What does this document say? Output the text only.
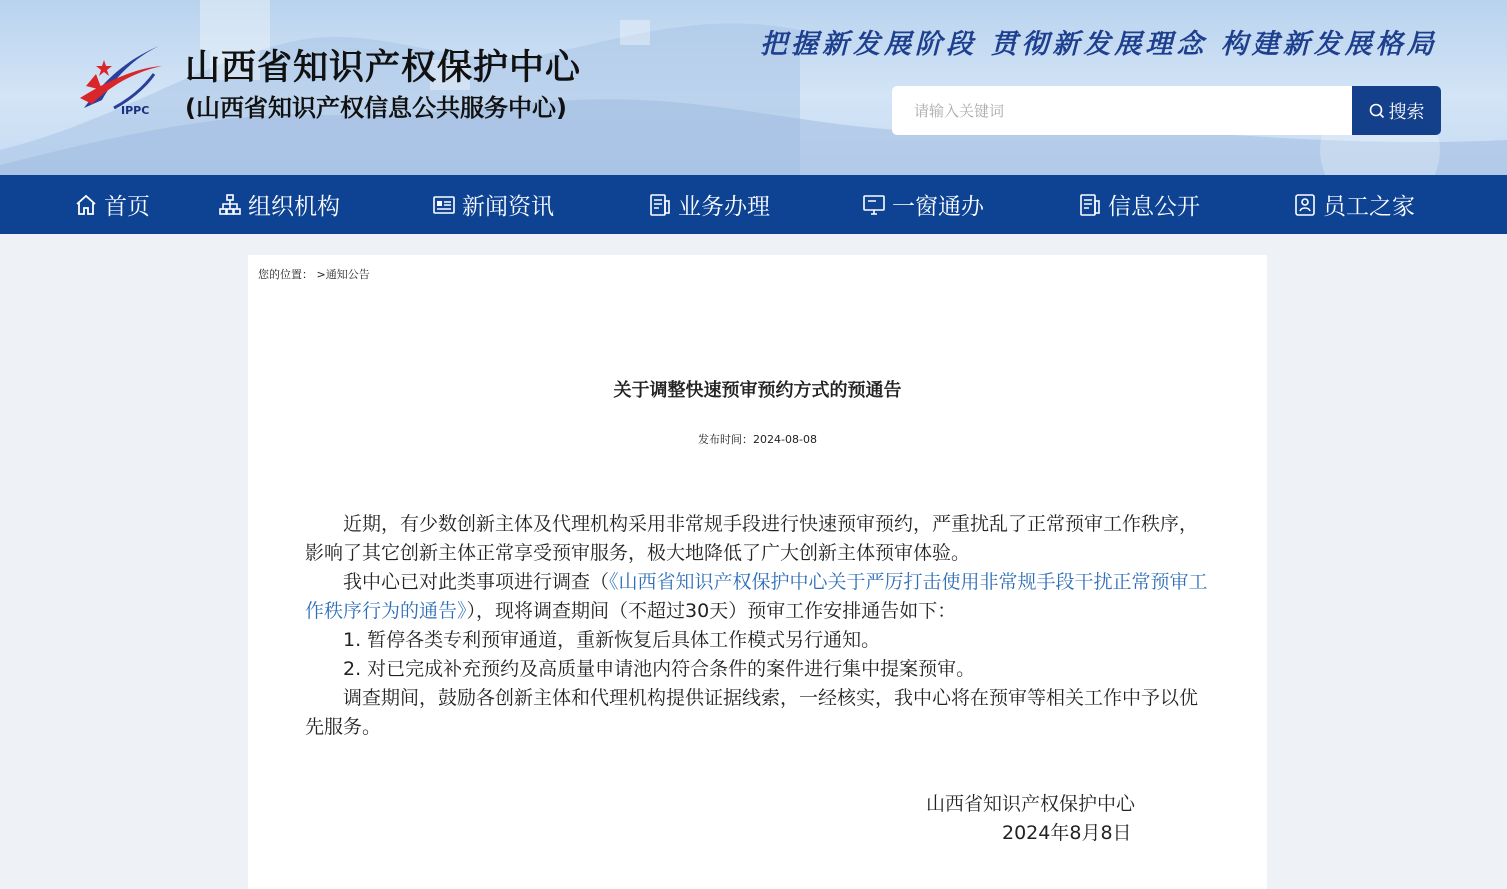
IPPC
山西省知识产权保护中心
(山西省知识产权信息公共服务中心)
把握新发展阶段 贯彻新发展理念 构建新发展格局
请输入关键词
搜索
首页	组织机构	新闻资讯	业务办理	一窗通办	信息公开	员工之家
您的位置： >通知公告
关于调整快速预审预约方式的预通告
发布时间：2024-08-08

近期，有少数创新主体及代理机构采用非常规手段进行快速预审预约，严重扰乱了正常预审工作秩序，影响了其它创新主体正常享受预审服务，极大地降低了广大创新主体预审体验。

我中心已对此类事项进行调查（《山西省知识产权保护中心关于严厉打击使用非常规手段干扰正常预审工作秩序行为的通告》），现将调查期间（不超过30天）预审工作安排通告如下：

1. 暂停各类专利预审通道，重新恢复后具体工作模式另行通知。

2. 对已完成补充预约及高质量申请池内符合条件的案件进行集中提案预审。

调查期间，鼓励各创新主体和代理机构提供证据线索，一经核实，我中心将在预审等相关工作中予以优先服务。

山西省知识产权保护中心
2024年8月8日
